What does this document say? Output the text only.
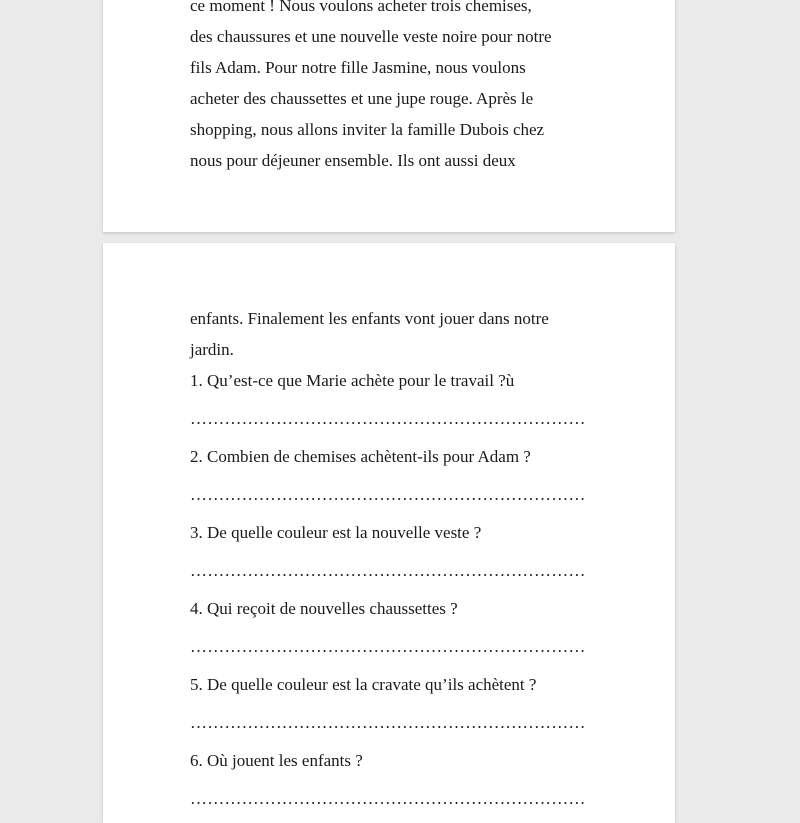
ce moment ! Nous voulons acheter trois chemises,
des chaussures et une nouvelle veste noire pour notre
fils Adam. Pour notre fille Jasmine, nous voulons
acheter des chaussettes et une jupe rouge. Après le
shopping, nous allons inviter la famille Dubois chez
nous pour déjeuner ensemble. Ils ont aussi deux
enfants. Finalement les enfants vont jouer dans notre
jardin.
1. Qu’est-ce que Marie achète pour le travail ?ù
……………………………………………………………
2. Combien de chemises achètent-ils pour Adam ?
……………………………………………………………
3. De quelle couleur est la nouvelle veste ?
……………………………………………………………
4. Qui reçoit de nouvelles chaussettes ?
……………………………………………………………
5. De quelle couleur est la cravate qu’ils achètent ?
……………………………………………………………
6. Où jouent les enfants ?
……………………………………………………………
